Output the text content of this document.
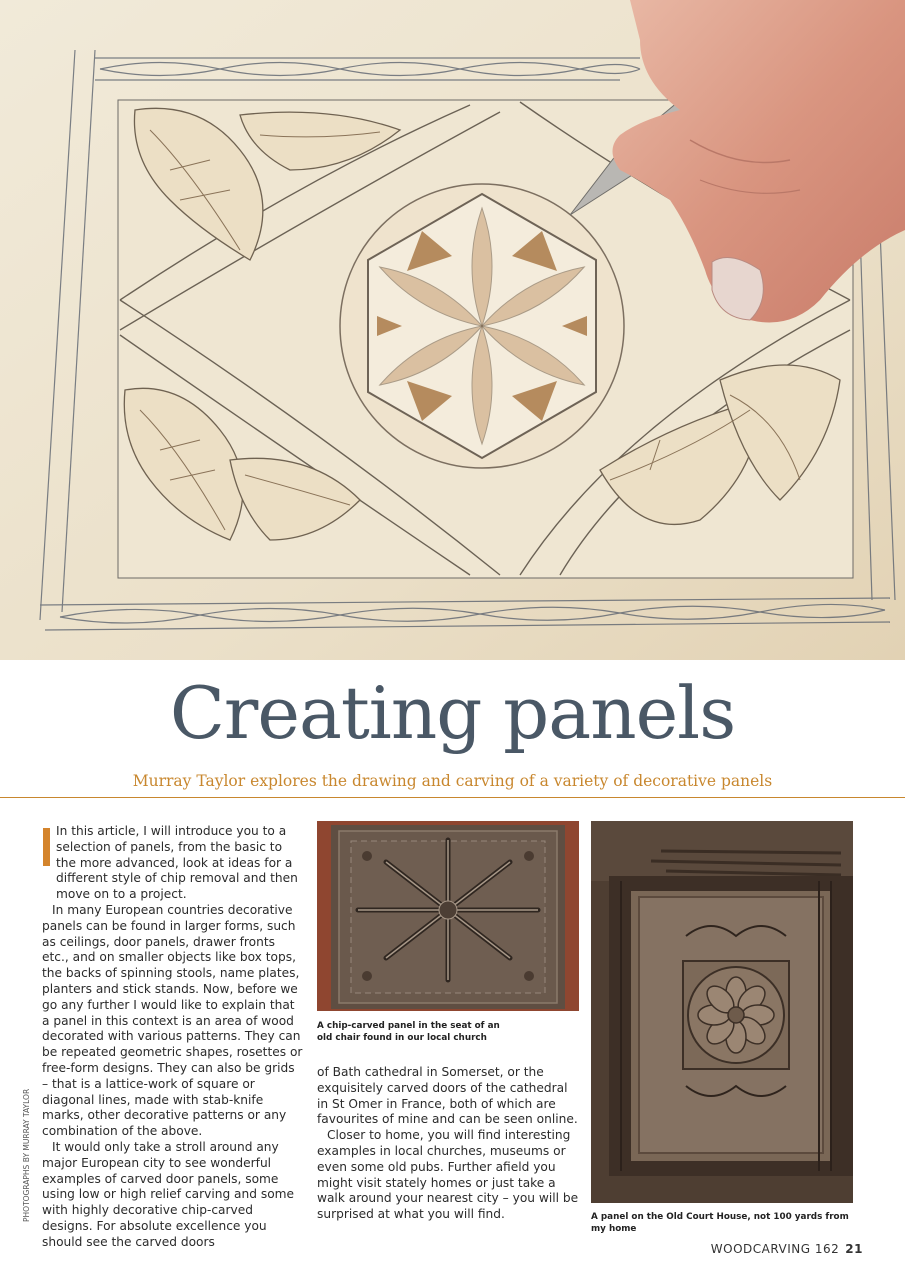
Creating panels

Murray Taylor explores the drawing and carving of a variety of decorative panels

In this article, I will introduce you to a selection of panels, from the basic to the more advanced, look at ideas for a different style of chip removal and then move on to a project.

In many European countries decorative panels can be found in larger forms, such as ceilings, door panels, drawer fronts etc., and on smaller objects like box tops, the backs of spinning stools, name plates, planters and stick stands. Now, before we go any further I would like to explain that a panel in this context is an area of wood decorated with various patterns. They can be repeated geometric shapes, rosettes or free-form designs. They can also be grids – that is a lattice-work of square or diagonal lines, made with stab-knife marks, other decorative patterns or any combination of the above.

It would only take a stroll around any major European city to see wonderful examples of carved door panels, some using low or high relief carving and some with highly decorative chip-carved designs. For absolute excellence you should see the carved doors

PHOTOGRAPHS BY MURRAY TAYLOR
A chip-carved panel in the seat of an old chair found in our local church

of Bath cathedral in Somerset, or the exquisitely carved doors of the cathedral in St Omer in France, both of which are favourites of mine and can be seen online.

Closer to home, you will find interesting examples in local churches, museums or even some old pubs. Further afield you might visit stately homes or just take a walk around your nearest city – you will be surprised at what you will find.	A panel on the Old Court House, not 100 yards from my home
WOODCARVING 162 21
